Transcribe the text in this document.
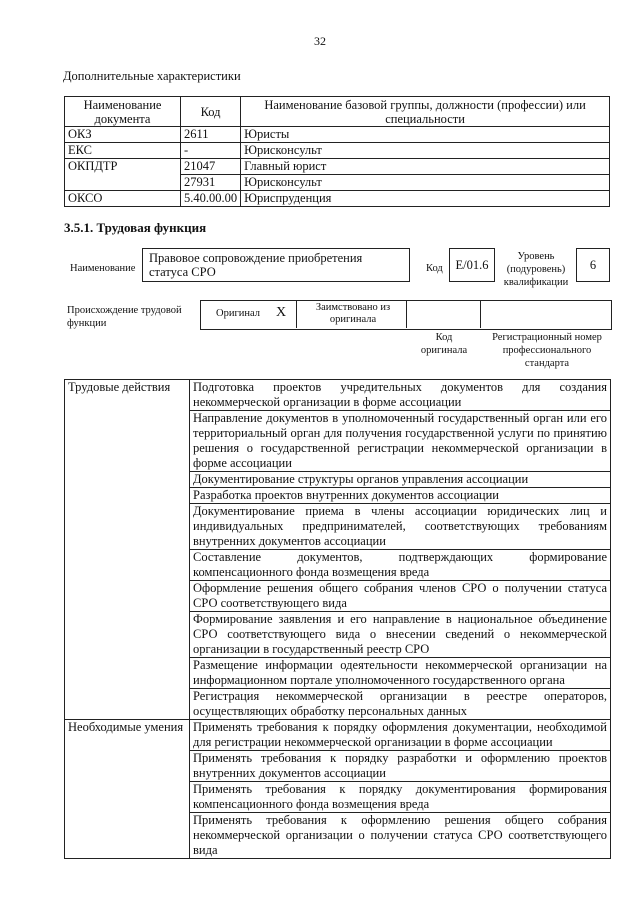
32
Дополнительные характеристики
Наименование документа	Код	Наименование базовой группы, должности (профессии) или специальности
ОКЗ	2611	Юристы
ЕКС	-	Юрисконсульт
ОКПДТР	21047	Главный юрист
	27931	Юрисконсульт
ОКСО	5.40.00.00	Юриспруденция
3.5.1. Трудовая функция
Наименование
Правовое сопровождение приобретения статуса СРО	Код	E/01.6
Уровень (подуровень) квалификации
6
Происхождение трудовой функции
Оригинал X	Заимствовано из оригинала
Код оригинала
Регистрационный номер профессионального стандарта
Трудовые действия	Подготовка проектов учредительных документов для создания некоммерческой организации в форме ассоциации
	Направление документов в уполномоченный государственный орган или его территориальный орган для получения государственной услуги по принятию решения о государственной регистрации некоммерческой организации в форме ассоциации
	Документирование структуры органов управления ассоциации
	Разработка проектов внутренних документов ассоциации
	Документирование приема в члены ассоциации юридических лиц и индивидуальных предпринимателей, соответствующих требованиям внутренних документов ассоциации
	Составление документов, подтверждающих формирование компенсационного фонда возмещения вреда
	Оформление решения общего собрания членов СРО о получении статуса СРО соответствующего вида
	Формирование заявления и его направление в национальное объединение СРО соответствующего вида о внесении сведений о некоммерческой организации в государственный реестр СРО
	Размещение информации одеятельности некоммерческой организации на информационном портале уполномоченного государственного органа
	Регистрация некоммерческой организации в реестре операторов, осуществляющих обработку персональных данных
Необходимые умения	Применять требования к порядку оформления документации, необходимой для регистрации некоммерческой организации в форме ассоциации
	Применять требования к порядку разработки и оформлению проектов внутренних документов ассоциации
	Применять требования к порядку документирования формирования компенсационного фонда возмещения вреда
	Применять требования к оформлению решения общего собрания некоммерческой организации о получении статуса СРО соответствующего вида
